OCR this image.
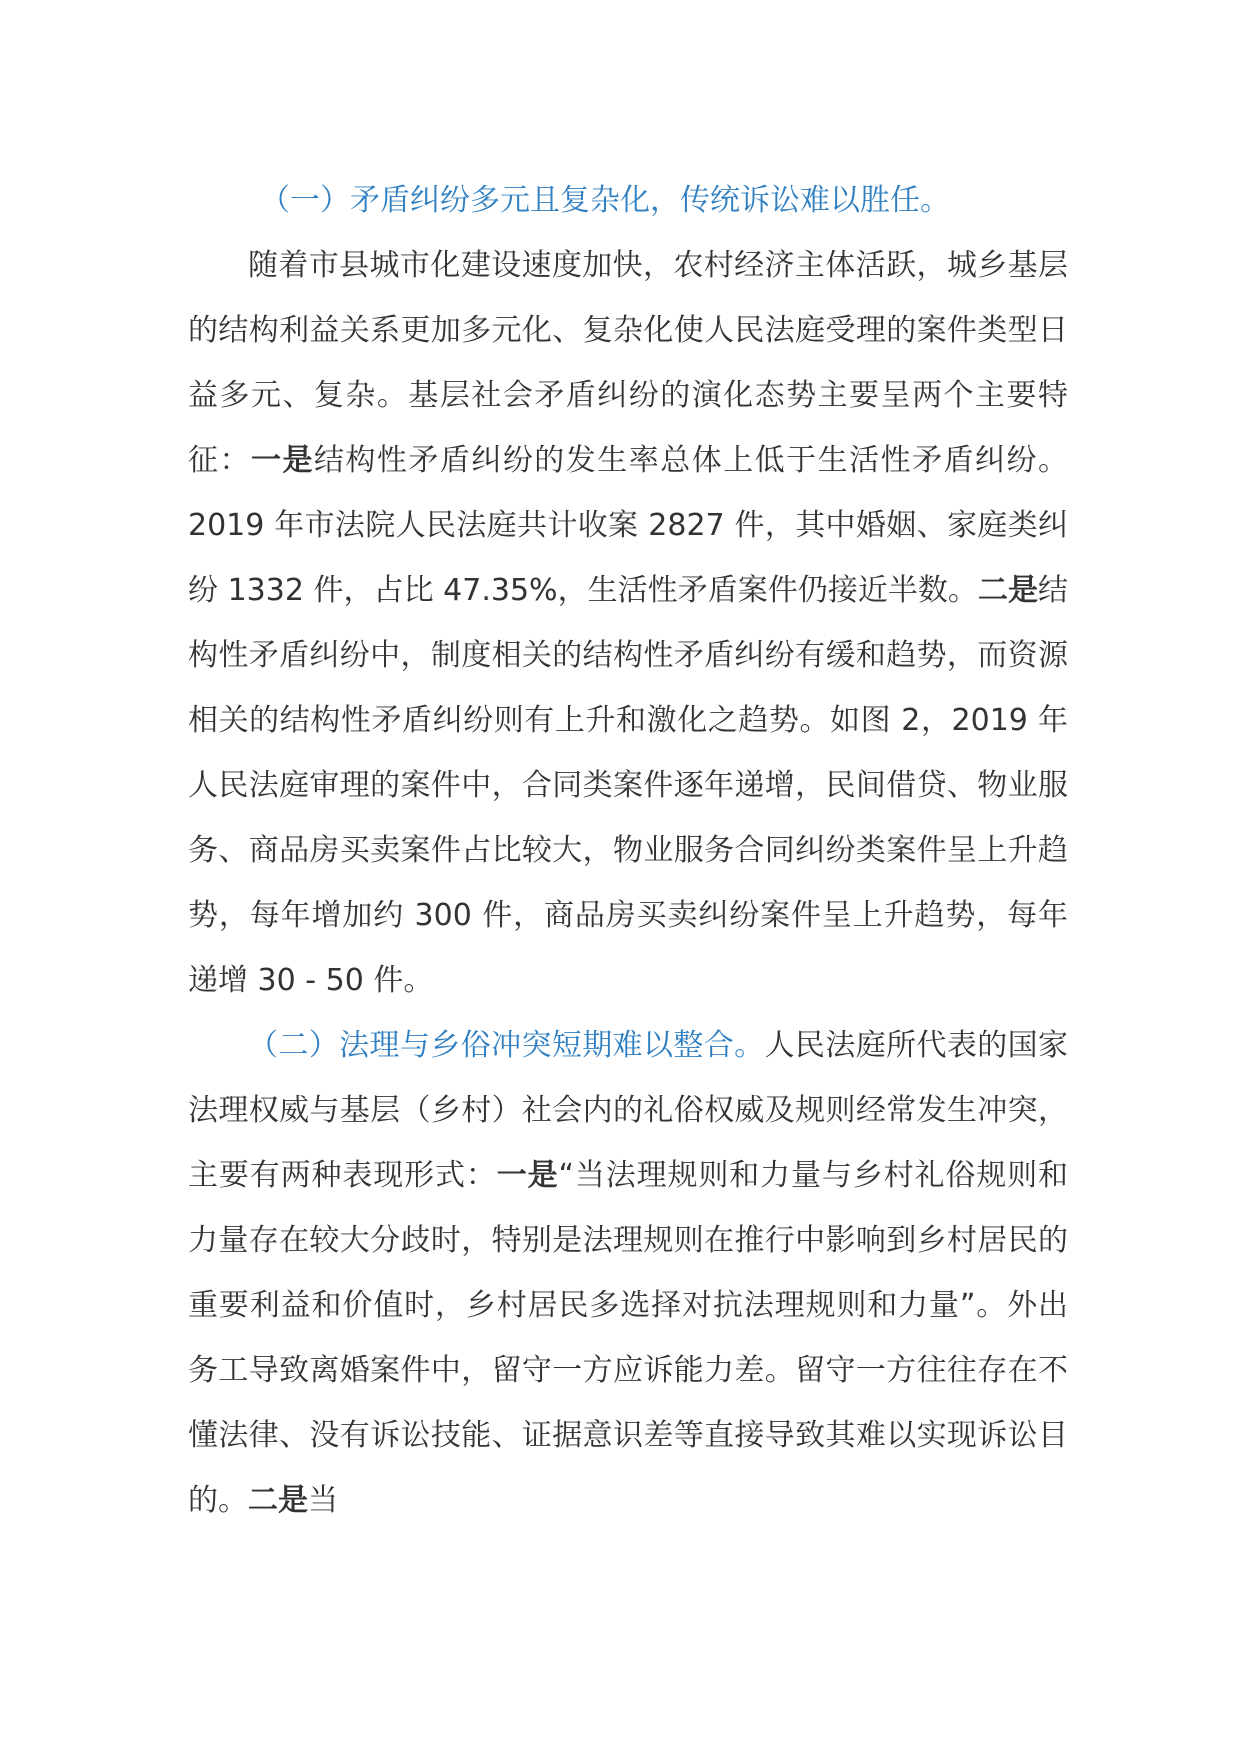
（一）矛盾纠纷多元且复杂化，传统诉讼难以胜任。

随着市县城市化建设速度加快，农村经济主体活跃，城乡基层的结构利益关系更加多元化、复杂化使人民法庭受理的案件类型日益多元、复杂。基层社会矛盾纠纷的演化态势主要呈两个主要特征：一是结构性矛盾纠纷的发生率总体上低于生活性矛盾纠纷。2019 年市法院人民法庭共计收案 2827 件，其中婚姻、家庭类纠纷 1332 件，占比 47.35%，生活性矛盾案件仍接近半数。二是结构性矛盾纠纷中，制度相关的结构性矛盾纠纷有缓和趋势，而资源相关的结构性矛盾纠纷则有上升和激化之趋势。如图 2，2019 年人民法庭审理的案件中，合同类案件逐年递增，民间借贷、物业服务、商品房买卖案件占比较大，物业服务合同纠纷类案件呈上升趋势，每年增加约 300 件，商品房买卖纠纷案件呈上升趋势，每年递增 30 - 50 件。

（二）法理与乡俗冲突短期难以整合。人民法庭所代表的国家法理权威与基层（乡村）社会内的礼俗权威及规则经常发生冲突，主要有两种表现形式：一是“当法理规则和力量与乡村礼俗规则和力量存在较大分歧时，特别是法理规则在推行中影响到乡村居民的重要利益和价值时，乡村居民多选择对抗法理规则和力量”。外出务工导致离婚案件中，留守一方应诉能力差。留守一方往往存在不懂法律、没有诉讼技能、证据意识差等直接导致其难以实现诉讼目的。二是当
